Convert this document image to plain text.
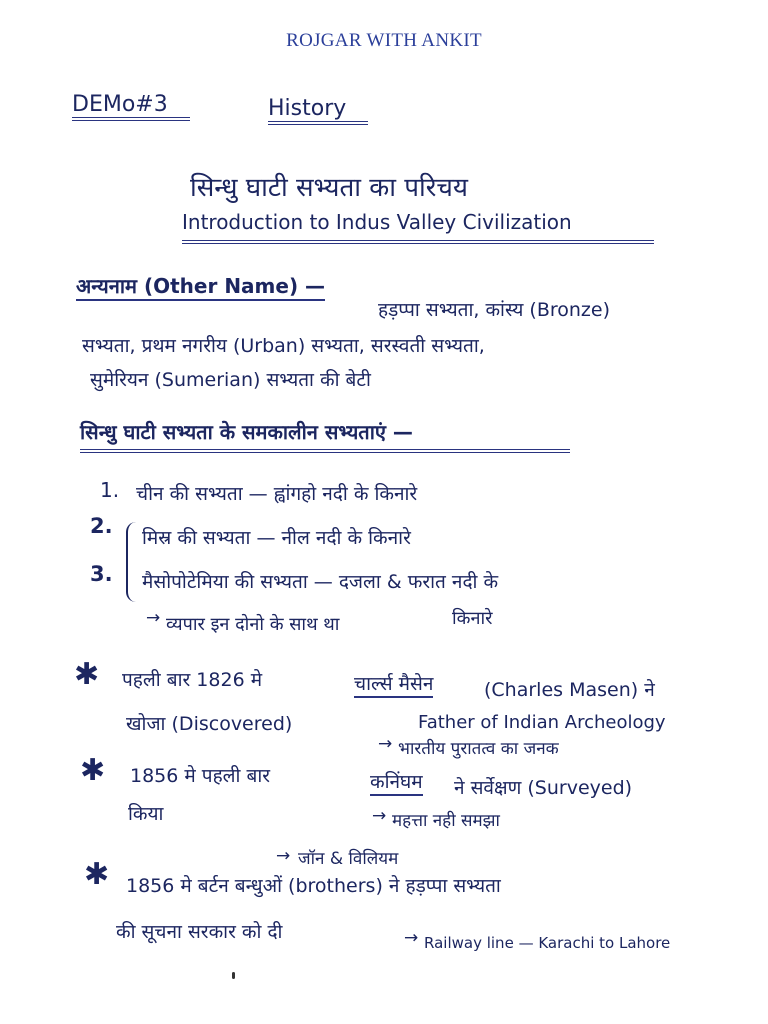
ROJGAR WITH ANKIT
DEMo#3	History
सिन्धु घाटी सभ्यता का परिचय
Introduction to Indus Valley Civilization
अन्यनाम (Other Name) —
हड़प्पा सभ्यता, कांस्य (Bronze)
सभ्यता, प्रथम नगरीय (Urban) सभ्यता, सरस्वती सभ्यता,
सुमेरियन (Sumerian) सभ्यता की बेटी
सिन्धु घाटी सभ्यता के समकालीन सभ्यताएं —
1. चीन की सभ्यता — ह्वांगहो नदी के किनारे
2. मिस्र की सभ्यता — नील नदी के किनारे
3. मैसोपोटेमिया की सभ्यता — दजला & फरात नदी के
→ व्यपार इन दोनो के साथ था	किनारे
✱ पहली बार 1826 मे	चार्ल्स मैसेन	(Charles Masen) ने
खोजा (Discovered)	Father of Indian Archeology
→ भारतीय पुरातत्व का जनक
✱ 1856 मे पहली बार	कनिंघम ने सर्वेक्षण (Surveyed)
किया	→ महत्ता नही समझा
→ जॉन & विलियम
✱ 1856 मे बर्टन बन्धुओं (brothers) ने हड़प्पा सभ्यता
की सूचना सरकार को दी	→ Railway line — Karachi to Lahore
